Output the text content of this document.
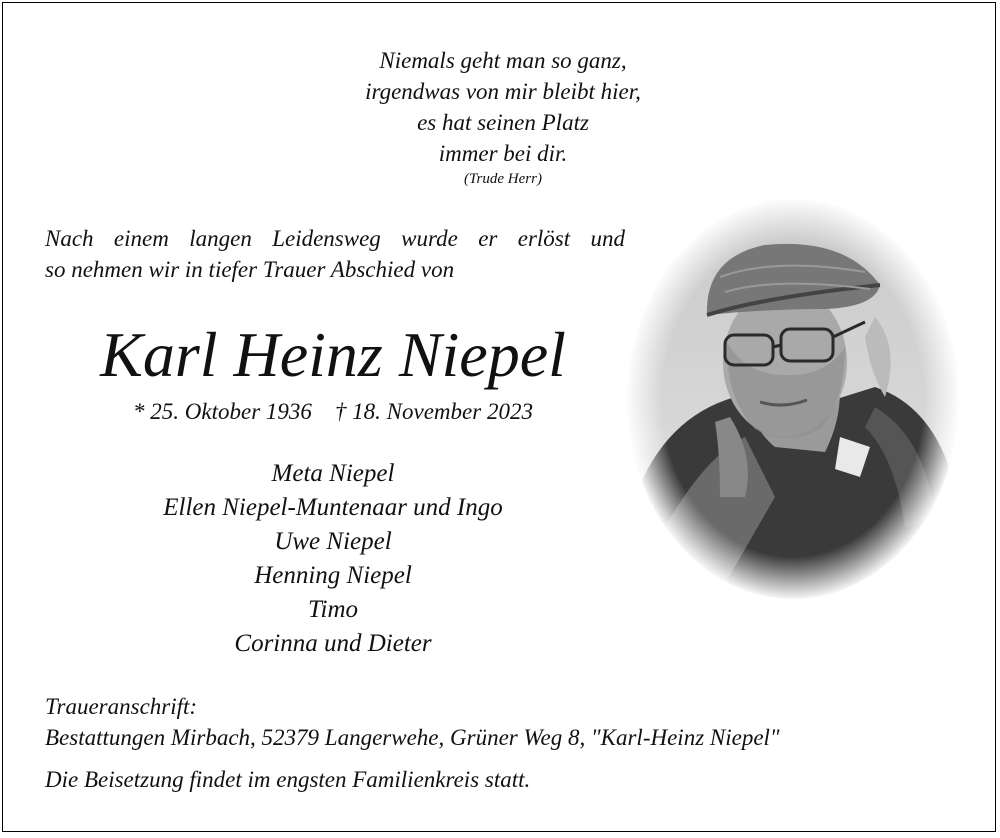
Niemals geht man so ganz,
irgendwas von mir bleibt hier,
es hat seinen Platz
immer bei dir.
(Trude Herr)
Nach einem langen Leidensweg wurde er erlöst und
so nehmen wir in tiefer Trauer Abschied von
Karl Heinz Niepel
* 25. Oktober 1936 † 18. November 2023
Meta Niepel
Ellen Niepel-Muntenaar und Ingo
Uwe Niepel
Henning Niepel
Timo
Corinna und Dieter
Traueranschrift:
Bestattungen Mirbach, 52379 Langerwehe, Grüner Weg 8, "Karl-Heinz Niepel"
Die Beisetzung findet im engsten Familienkreis statt.
